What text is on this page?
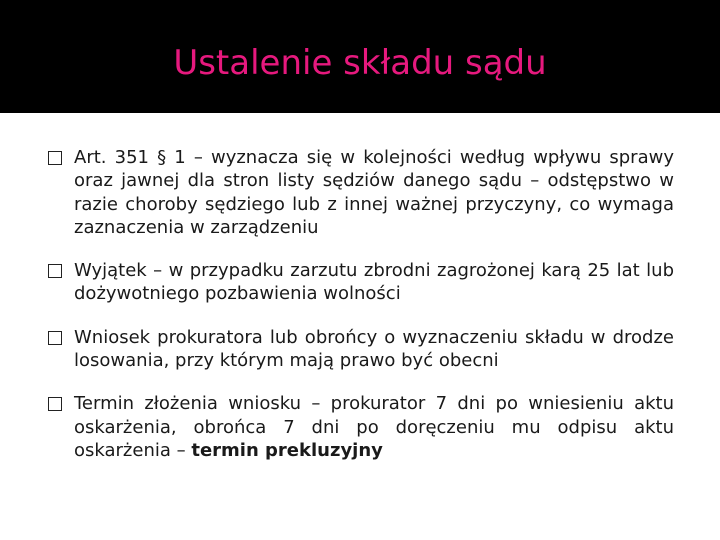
Ustalenie składu sądu
Art. 351 § 1 – wyznacza się w kolejności według wpływu sprawy oraz jawnej dla stron listy sędziów danego sądu – odstępstwo w razie choroby sędziego lub z innej ważnej przyczyny, co wymaga zaznaczenia w zarządzeniu
Wyjątek – w przypadku zarzutu zbrodni zagrożonej karą 25 lat lub dożywotniego pozbawienia wolności
Wniosek prokuratora lub obrońcy o wyznaczeniu składu w drodze losowania, przy którym mają prawo być obecni
Termin złożenia wniosku – prokurator 7 dni po wniesieniu aktu oskarżenia, obrońca 7 dni po doręczeniu mu odpisu aktu oskarżenia – termin prekluzyjny
